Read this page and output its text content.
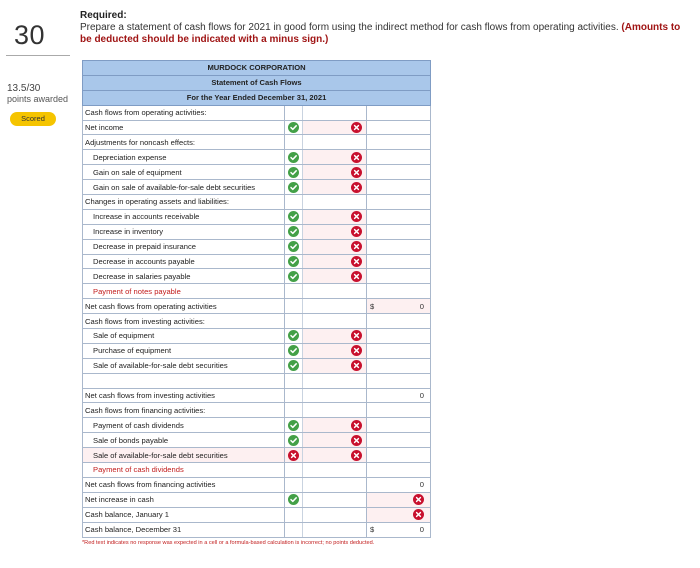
30
13.5/30
points awarded
Scored
Required:
Prepare a statement of cash flows for 2021 in good form using the indirect method for cash flows from operating activities. (Amounts to be deducted should be indicated with a minus sign.)
MURDOCK CORPORATION			
Statement of Cash Flows			
For the Year Ended December 31, 2021			
Cash flows from operating activities:			
Net income	

Adjustments for noncash effects:			
Depreciation expense	

Gain on sale of equipment	

Gain on sale of available-for-sale debt securities	

Changes in operating assets and liabilities:			
Increase in accounts receivable	

Increase in inventory	

Decrease in prepaid insurance	

Decrease in accounts payable	

Decrease in salaries payable	

Payment of notes payable			
Net cash flows from operating activities			$ 0
Cash flows from investing activities:			
Sale of equipment	

Purchase of equipment	

Sale of available-for-sale debt securities	

Net cash flows from investing activities			0
Cash flows from financing activities:			
Payment of cash dividends	

Sale of bonds payable	

Sale of available-for-sale debt securities	

Payment of cash dividends			
Net cash flows from financing activities			0
Net increase in cash	

Cash balance, January 1			

Cash balance, December 31			$ 0
*Red text indicates no response was expected in a cell or a formula-based calculation is incorrect; no points deducted.
